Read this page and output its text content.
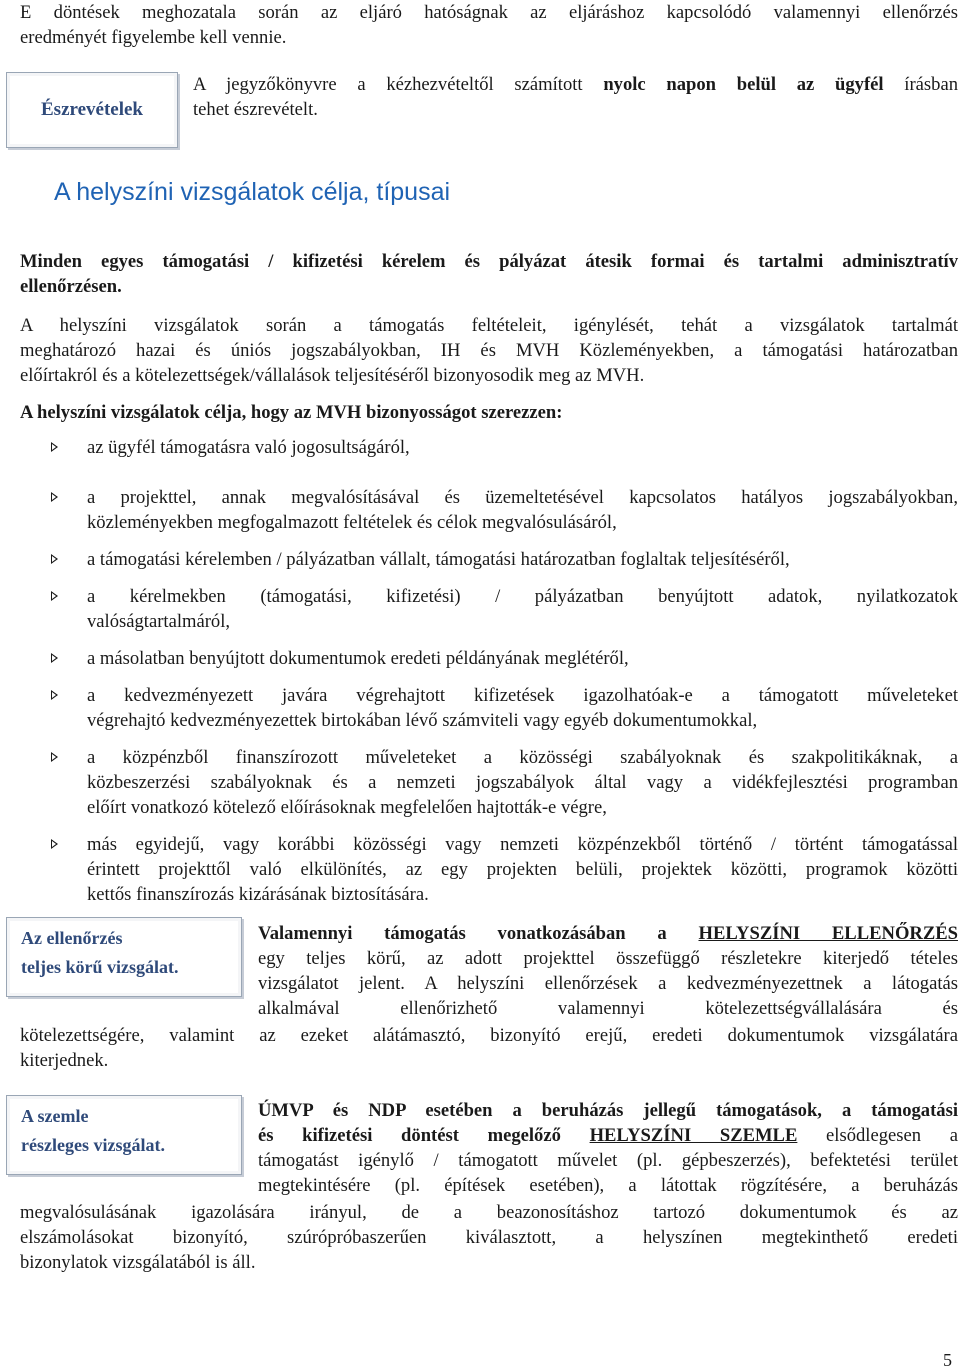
E döntések meghozatala során az eljáró hatóságnak az eljáráshoz kapcsolódó valamennyi ellenőrzés

eredményét figyelembe kell vennie.

Észrevételek

A jegyzőkönyvre a kézhezvételtől számított nyolc napon belül az ügyfél írásban

tehet észrevételt.

A helyszíni vizsgálatok célja, típusai

Minden egyes támogatási / kifizetési kérelem és pályázat átesik formai és tartalmi adminisztratív

ellenőrzésen.

A helyszíni vizsgálatok során a támogatás feltételeit, igénylését, tehát a vizsgálatok tartalmát

meghatározó hazai és úniós jogszabályokban, IH és MVH Közleményekben, a támogatási határozatban

előírtakról és a kötelezettségek/vállalások teljesítéséről bizonyosodik meg az MVH.

A helyszíni vizsgálatok célja, hogy az MVH bizonyosságot szerezzen:

az ügyfél támogatásra való jogosultságáról,

a projekttel, annak megvalósításával és üzemeltetésével kapcsolatos hatályos jogszabályokban,

közleményekben megfogalmazott feltételek és célok megvalósulásáról,

a támogatási kérelemben / pályázatban vállalt, támogatási határozatban foglaltak teljesítéséről,

a kérelmekben (támogatási, kifizetési) / pályázatban benyújtott adatok, nyilatkozatok

valóságtartalmáról,

a másolatban benyújtott dokumentumok eredeti példányának meglétéről,

a kedvezményezett javára végrehajtott kifizetések igazolhatóak-e a támogatott műveleteket

végrehajtó kedvezményezettek birtokában lévő számviteli vagy egyéb dokumentumokkal,

a közpénzből finanszírozott műveleteket a közösségi szabályoknak és szakpolitikáknak, a

közbeszerzési szabályoknak és a nemzeti jogszabályok által vagy a vidékfejlesztési programban

előírt vonatkozó kötelező előírásoknak megfelelően hajtották-e végre,

más egyidejű, vagy korábbi közösségi vagy nemzeti közpénzekből történő / történt támogatással

érintett projekttől való elkülönítés, az egy projekten belüli, projektek közötti, programok közötti

kettős finanszírozás kizárásának biztosítására.

Az ellenőrzés

teljes körű vizsgálat.

Valamennyi támogatás vonatkozásában a HELYSZÍNI ELLENŐRZÉS

egy teljes körű, az adott projekttel összefüggő részletekre kiterjedő tételes

vizsgálatot jelent. A helyszíni ellenőrzések a kedvezményezettnek a látogatás

alkalmával ellenőrizhető valamennyi kötelezettségvállalására és

kötelezettségére, valamint az ezeket alátámasztó, bizonyító erejű, eredeti dokumentumok vizsgálatára

kiterjednek.

A szemle

részleges vizsgálat.

ÚMVP és NDP esetében a beruházás jellegű támogatások, a támogatási

és kifizetési döntést megelőző HELYSZÍNI SZEMLE elsődlegesen a

támogatást igénylő / támogatott művelet (pl. gépbeszerzés), befektetési terület

megtekintésére (pl. építések esetében), a látottak rögzítésére, a beruházás

megvalósulásának igazolására irányul, de a beazonosításhoz tartozó dokumentumok és az

elszámolásokat bizonyító, szúrópróbaszerűen kiválasztott, a helyszínen megtekinthető eredeti

bizonylatok vizsgálatából is áll.

5
